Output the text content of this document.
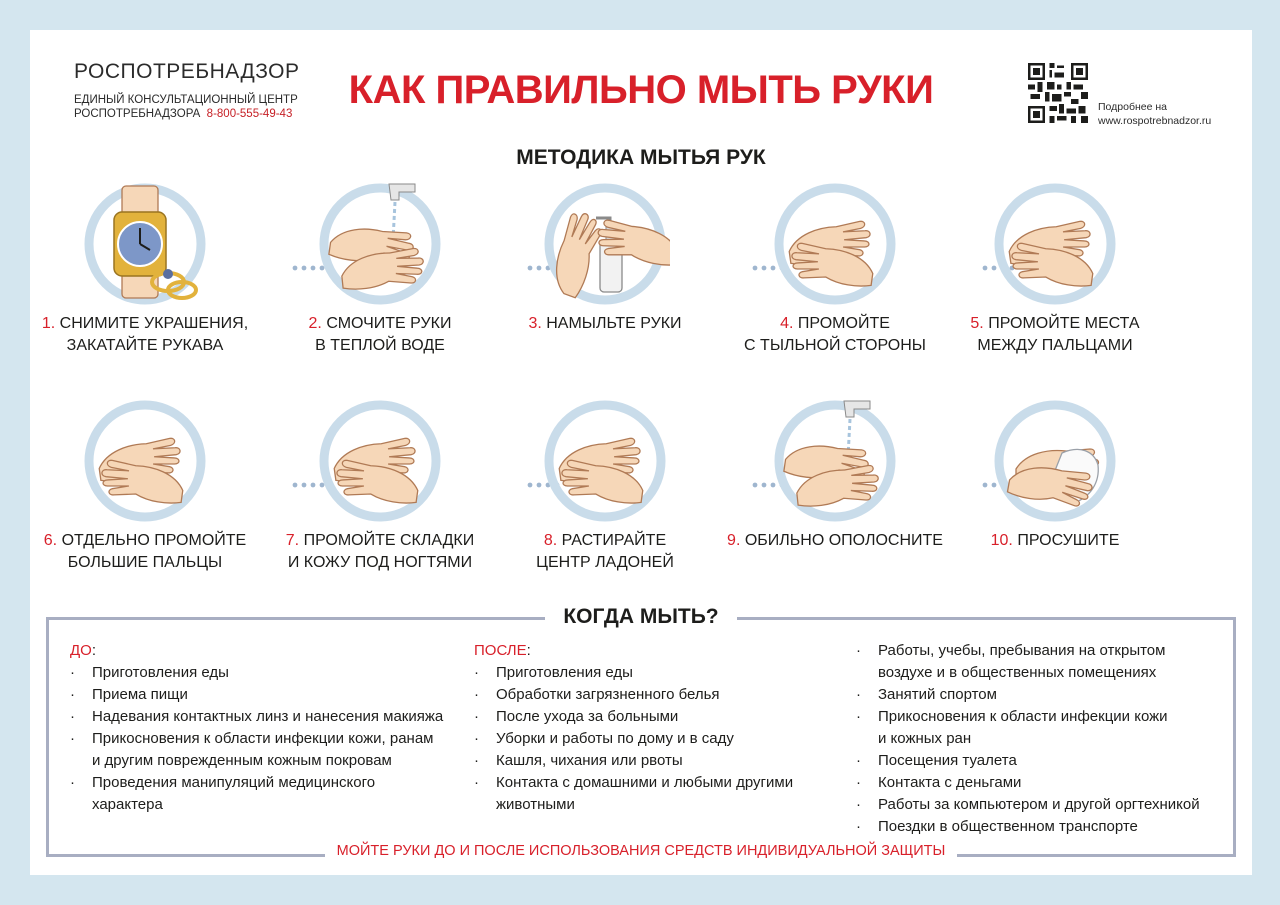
РОСПОТРЕБНАДЗОР
ЕДИНЫЙ КОНСУЛЬТАЦИОННЫЙ ЦЕНТР
РОСПОТРЕБНАДЗОРА 8-800-555-49-43
КАК ПРАВИЛЬНО МЫТЬ РУКИ	Подробнее на
www.rospotrebnadzor.ru
МЕТОДИКА МЫТЬЯ РУК
1. СНИМИТЕ УКРАШЕНИЯ,
ЗАКАТАЙТЕ РУКАВА
2. СМОЧИТЕ РУКИ
В ТЕПЛОЙ ВОДЕ
3. НАМЫЛЬТЕ РУКИ	4. ПРОМОЙТЕ
С ТЫЛЬНОЙ СТОРОНЫ
5. ПРОМОЙТЕ МЕСТА
МЕЖДУ ПАЛЬЦАМИ
6. ОТДЕЛЬНО ПРОМОЙТЕ
БОЛЬШИЕ ПАЛЬЦЫ
7. ПРОМОЙТЕ СКЛАДКИ
И КОЖУ ПОД НОГТЯМИ
8. РАСТИРАЙТЕ
ЦЕНТР ЛАДОНЕЙ
9. ОБИЛЬНО ОПОЛОСНИТЕ	10. ПРОСУШИТЕ
КОГДА МЫТЬ?
ДО:
· Приготовления еды
· Приема пищи
· Надевания контактных линз и нанесения макияжа
· Прикосновения к области инфекции кожи, ранам
и другим поврежденным кожным покровам
· Проведения манипуляций медицинского
характера
ПОСЛЕ:
· Приготовления еды
· Обработки загрязненного белья
· После ухода за больными
· Уборки и работы по дому и в саду
· Кашля, чихания или рвоты
· Контакта с домашними и любыми другими
животными
· Работы, учебы, пребывания на открытом
воздухе и в общественных помещениях
· Занятий спортом
· Прикосновения к области инфекции кожи
и кожных ран
· Посещения туалета
· Контакта с деньгами
· Работы за компьютером и другой оргтехникой
· Поездки в общественном транспорте
МОЙТЕ РУКИ ДО И ПОСЛЕ ИСПОЛЬЗОВАНИЯ СРЕДСТВ ИНДИВИДУАЛЬНОЙ ЗАЩИТЫ
